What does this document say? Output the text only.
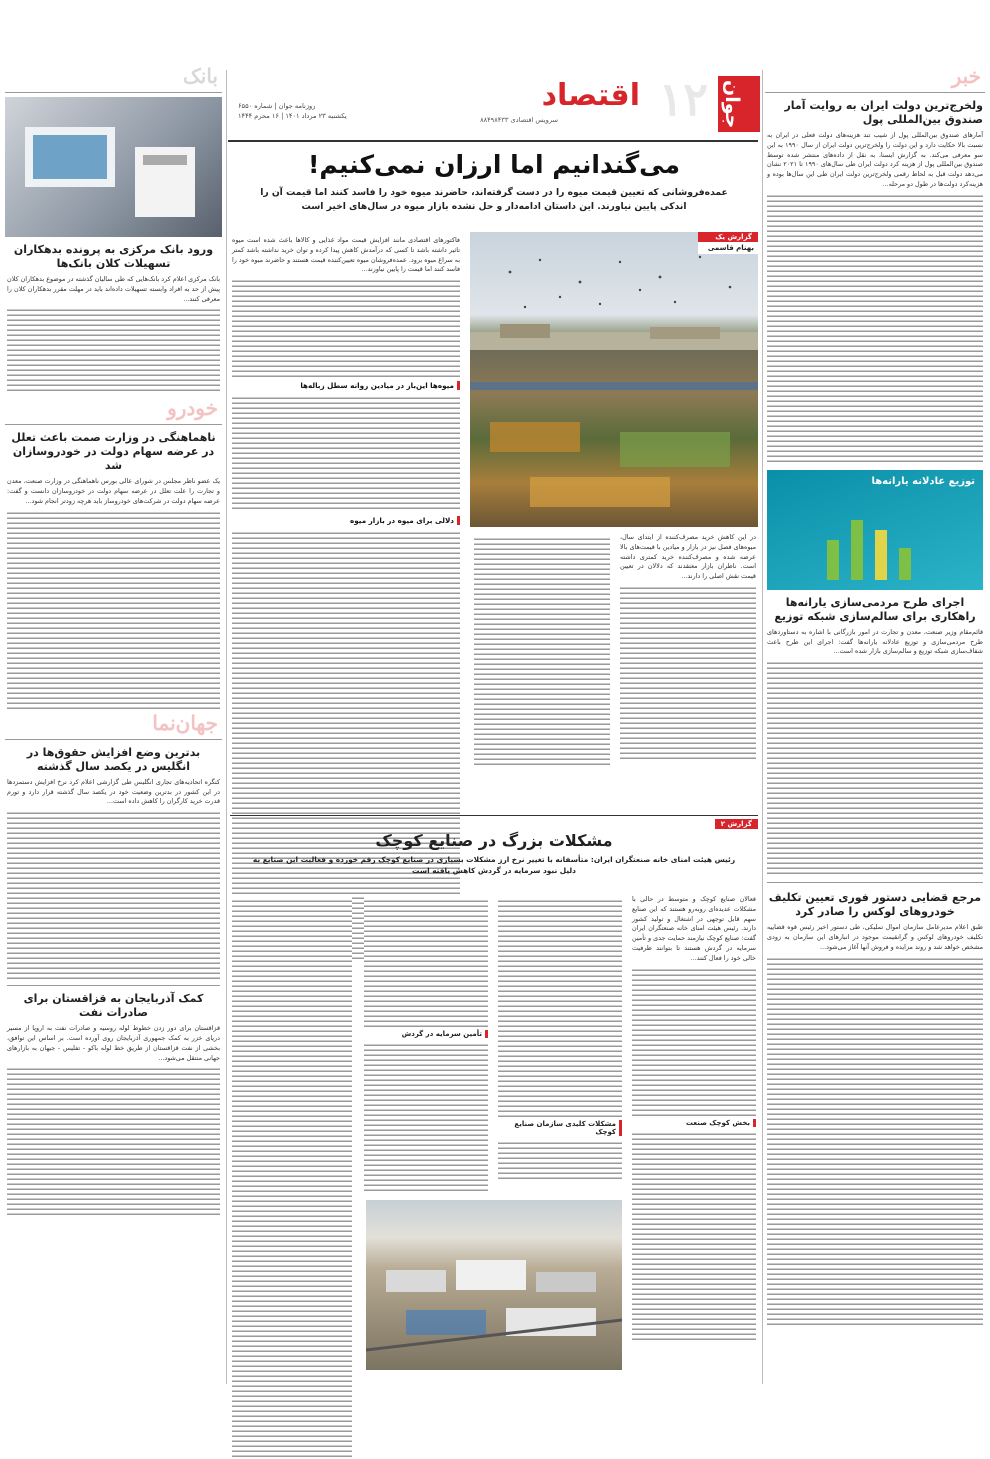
۱۲
اقتصاد
روزنامه جوان | شماره ۶۵۵۰
یکشنبه ۲۳ مرداد ۱۴۰۱ | ۱۶ محرم ۱۴۴۴	سرویس اقتصادی ۸۸۴۹۸۴۳۳	جوان
خبر
ولخرج‌ترین دولت ایران به روایت آمار صندوق بین‌المللی پول
آمارهای صندوق بین‌المللی پول از شیب تند هزینه‌های دولت فعلی در ایران به نسبت بالا حکایت دارد و این دولت را ولخرج‌ترین دولت ایران از سال ۱۹۹۰ به این سو معرفی می‌کند. به گزارش ایسنا، به نقل از داده‌های منتشر شده توسط صندوق بین‌المللی پول از هزینه کرد دولت ایران طی سال‌های ۱۹۹۰ تا ۲۰۲۱ نشان می‌دهد دولت قبل به لحاظ رقمی ولخرج‌ترین دولت ایران طی این سال‌ها بوده و هزینه‌کرد دولت‌ها در طول دو مرحله...
توزیع عادلانه یارانه‌ها
اجرای طرح مردمی‌سازی یارانه‌ها راهکاری برای سالم‌سازی شبکه توزیع
قائم‌مقام وزیر صنعت، معدن و تجارت در امور بازرگانی با اشاره به دستاوردهای طرح مردمی‌سازی و توزیع عادلانه یارانه‌ها گفت: اجرای این طرح باعث شفاف‌سازی شبکه توزیع و سالم‌سازی بازار شده است...
مرجع قضایی دستور فوری تعیین تکلیف خودروهای لوکس را صادر کرد
طبق اعلام مدیرعامل سازمان اموال تملیکی، طی دستور اخیر رئیس قوه قضاییه تکلیف خودروهای لوکس و گرانقیمت موجود در انبارهای این سازمان به زودی مشخص خواهد شد و روند مزایده و فروش آنها آغاز می‌شود...
می‌گندانیم اما ارزان نمی‌کنیم!
عمده‌فروشانی که تعیین قیمت میوه را در دست گرفته‌اند، حاضرند میوه خود را فاسد کنند اما قیمت آن را اندکی پایین نیاورند. این داستان ادامه‌دار و حل نشده بازار میوه در سال‌های اخیر است
گزارش یک
بهنام قاسمی
فاکتورهای اقتصادی مانند افزایش قیمت مواد غذایی و کالاها باعث شده است میوه تاثیر داشته باشد تا کسی که درآمدش کاهش پیدا کرده و توان خرید نداشته باشد کمتر به سراغ میوه برود. عمده‌فروشان میوه تعیین‌کننده قیمت هستند و حاضرند میوه خود را فاسد کنند اما قیمت را پایین نیاورند...
میوه‌ها این‌بار در میادین روانه سطل زباله‌ها
دلالی برای میوه در بازار میوه
در این کاهش خرید مصرف‌کننده از ابتدای سال، میوه‌های فصل نیز در بازار و میادین با قیمت‌های بالا عرضه شده و مصرف‌کننده خرید کمتری داشته است. ناظران بازار معتقدند که دلالان در تعیین قیمت نقش اصلی را دارند...
گزارش ۲
مشکلات بزرگ در صنایع کوچک
رئیس هیئت امنای خانه صنعتگران ایران: متأسفانه با تغییر نرخ ارز مشکلات بسیاری در صنایع کوچک رقم خورده و فعالیت این صنایع به دلیل نبود سرمایه در گردش کاهش یافته است
فعالان صنایع کوچک و متوسط در حالی با مشکلات عدیده‌ای روبه‌رو هستند که این صنایع سهم قابل توجهی در اشتغال و تولید کشور دارند. رئیس هیئت امنای خانه صنعتگران ایران گفت: صنایع کوچک نیازمند حمایت جدی و تأمین سرمایه در گردش هستند تا بتوانند ظرفیت خالی خود را فعال کنند...
بخش کوچک صنعت
مشکلات کلیدی سازمان صنایع کوچک
تأمین سرمایه در گردش
بانک
ورود بانک مرکزی به پرونده بدهکاران تسهیلات کلان بانک‌ها
بانک مرکزی اعلام کرد بانک‌هایی که طی سالیان گذشته در موضوع بدهکاران کلان پیش از حد به افراد وابسته تسهیلات داده‌اند باید در مهلت مقرر بدهکاران کلان را معرفی کنند...
خودرو
ناهماهنگی در وزارت صمت باعث تعلل در عرضه سهام دولت در خودروسازان شد
یک عضو ناظر مجلس در شورای عالی بورس ناهماهنگی در وزارت صنعت، معدن و تجارت را علت تعلل در عرضه سهام دولت در خودروسازان دانست و گفت: عرضه سهام دولت در شرکت‌های خودروساز باید هرچه زودتر انجام شود...
جهان‌نما
بدترین وضع افزایش حقوق‌ها در انگلیس در یکصد سال گذشته
کنگره اتحادیه‌های تجاری انگلیس طی گزارشی اعلام کرد نرخ افزایش دستمزدها در این کشور در بدترین وضعیت خود در یکصد سال گذشته قرار دارد و تورم قدرت خرید کارگران را کاهش داده است...
کمک آذربایجان به قزاقستان برای صادرات نفت
قزاقستان برای دور زدن خطوط لوله روسیه و صادرات نفت به اروپا از مسیر دریای خزر به کمک جمهوری آذربایجان روی آورده است. بر اساس این توافق، بخشی از نفت قزاقستان از طریق خط لوله باکو - تفلیس - جیهان به بازارهای جهانی منتقل می‌شود...
